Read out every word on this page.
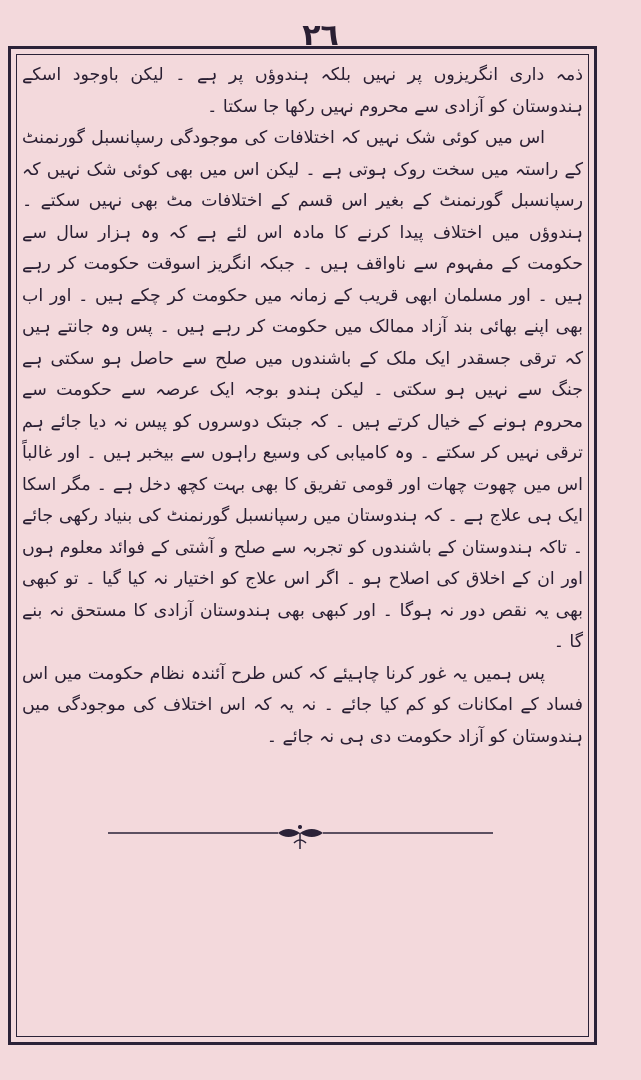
٢٦

ذمہ داری انگریزوں پر نہیں بلکہ ہندوؤں پر ہے ۔ لیکن باوجود اسکے ہندوستان کو آزادی سے محروم نہیں رکھا جا سکتا ۔

اس میں کوئی شک نہیں کہ اختلافات کی موجودگی رسپانسبل گورنمنٹ کے راستہ میں سخت روک ہوتی ہے ۔ لیکن اس میں بھی کوئی شک نہیں کہ رسپانسبل گورنمنٹ کے بغیر اس قسم کے اختلافات مٹ بھی نہیں سکتے ۔ ہندوؤں میں اختلاف پیدا کرنے کا مادہ اس لئے ہے کہ وہ ہزار سال سے حکومت کے مفہوم سے ناواقف ہیں ۔ جبکہ انگریز اسوقت حکومت کر رہے ہیں ۔ اور مسلمان ابھی قریب کے زمانہ میں حکومت کر چکے ہیں ۔ اور اب بھی اپنے بھائی بند آزاد ممالک میں حکومت کر رہے ہیں ۔ پس وہ جانتے ہیں کہ ترقی جسقدر ایک ملک کے باشندوں میں صلح سے حاصل ہو سکتی ہے جنگ سے نہیں ہو سکتی ۔ لیکن ہندو بوجہ ایک عرصہ سے حکومت سے محروم ہونے کے خیال کرتے ہیں ۔ کہ جبتک دوسروں کو پیس نہ دیا جائے ہم ترقی نہیں کر سکتے ۔ وہ کامیابی کی وسیع راہوں سے بیخبر ہیں ۔ اور غالباً اس میں چھوت چھات اور قومی تفریق کا بھی بہت کچھ دخل ہے ۔ مگر اسکا ایک ہی علاج ہے ۔ کہ ہندوستان میں رسپانسبل گورنمنٹ کی بنیاد رکھی جائے ۔ تاکہ ہندوستان کے باشندوں کو تجربہ سے صلح و آشتی کے فوائد معلوم ہوں اور ان کے اخلاق کی اصلاح ہو ۔ اگر اس علاج کو اختیار نہ کیا گیا ۔ تو کبھی بھی یہ نقص دور نہ ہوگا ۔ اور کبھی بھی ہندوستان آزادی کا مستحق نہ بنے گا ۔

پس ہمیں یہ غور کرنا چاہیئے کہ کس طرح آئندہ نظام حکومت میں اس فساد کے امکانات کو کم کیا جائے ۔ نہ یہ کہ اس اختلاف کی موجودگی میں ہندوستان کو آزاد حکومت دی ہی نہ جائے ۔
